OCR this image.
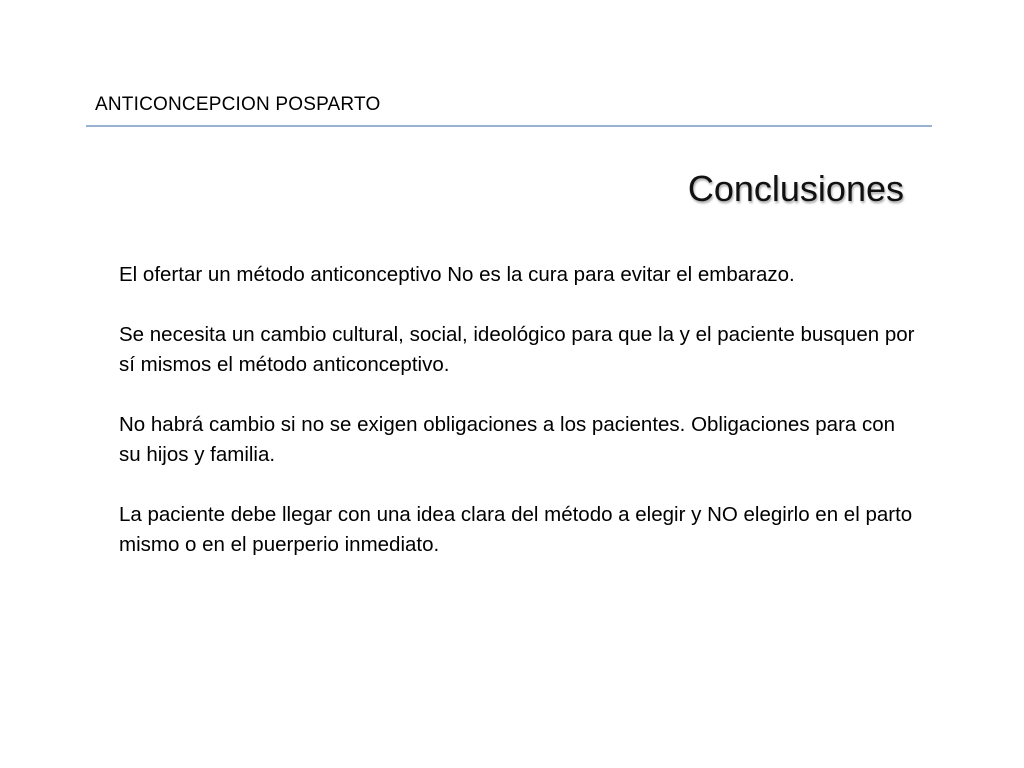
ANTICONCEPCION POSPARTO
Conclusiones

El ofertar un método anticonceptivo No es la cura para evitar el embarazo.

Se necesita un cambio cultural, social, ideológico para que la y el paciente busquen por sí mismos el método anticonceptivo.

No habrá cambio si no se exigen obligaciones a los pacientes. Obligaciones para con su hijos y familia.

La paciente debe llegar con una idea clara del método a elegir y NO elegirlo en el parto mismo o en el puerperio inmediato.
